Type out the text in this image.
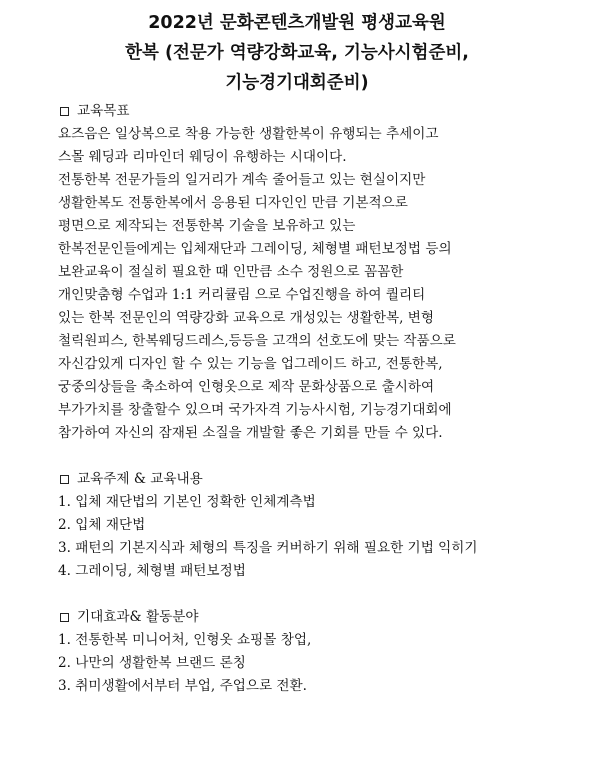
2022년 문화콘텐츠개발원 평생교육원
한복 (전문가 역량강화교육, 기능사시험준비,
기능경기대회준비)
교육목표
요즈음은 일상복으로 착용 가능한 생활한복이 유행되는 추세이고
스몰 웨딩과 리마인더 웨딩이 유행하는 시대이다.
전통한복 전문가들의 일거리가 계속 줄어들고 있는 현실이지만
생활한복도 전통한복에서 응용된 디자인인 만큼 기본적으로
평면으로 제작되는 전통한복 기술을 보유하고 있는
한복전문인들에게는 입체재단과 그레이딩, 체형별 패턴보정법 등의
보완교육이 절실히 필요한 때 인만큼 소수 정원으로 꼼꼼한
개인맞춤형 수업과 1:1 커리큘림 으로 수업진행을 하여 퀄리티
있는 한복 전문인의 역량강화 교육으로 개성있는 생활한복, 변형
철릭원피스, 한복웨딩드레스,등등을 고객의 선호도에 맞는 작품으로
자신감있게 디자인 할 수 있는 기능을 업그레이드 하고, 전통한복,
궁중의상들을 축소하여 인형옷으로 제작 문화상품으로 출시하여
부가가치를 창출할수 있으며 국가자격 기능사시험, 기능경기대회에
참가하여 자신의 잠재된 소질을 개발할 좋은 기회를 만들 수 있다.
교육주제 & 교육내용
1. 입체 재단법의 기본인 정확한 인체계측법
2. 입체 재단법
3. 패턴의 기본지식과 체형의 특징을 커버하기 위해 필요한 기법 익히기
4. 그레이딩, 체형별 패턴보정법
기대효과& 활동분야
1. 전통한복 미니어처, 인형옷 쇼핑몰 창업,
2. 나만의 생활한복 브랜드 론칭
3. 취미생활에서부터 부업, 주업으로 전환.
